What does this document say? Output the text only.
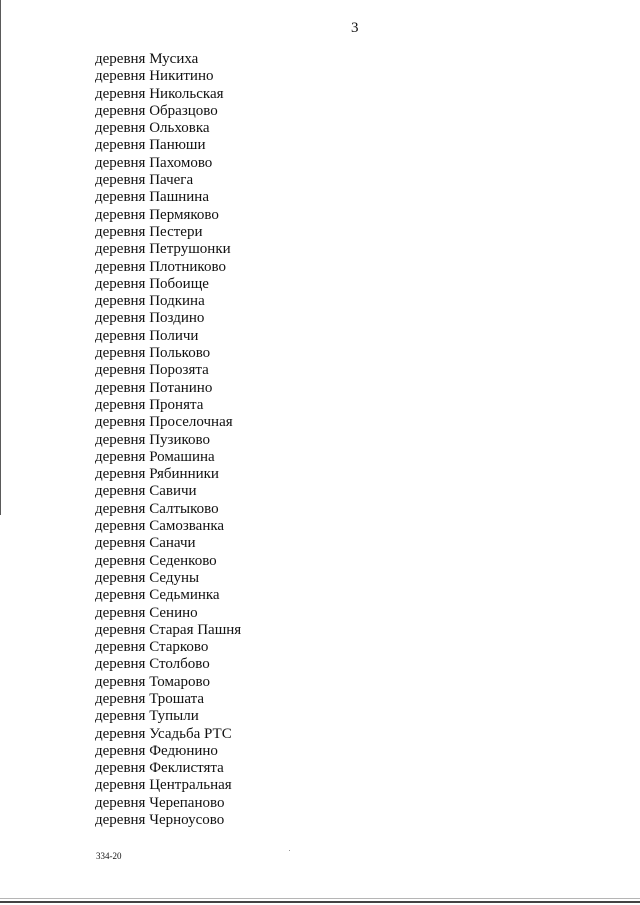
3
деревня Мусиха
деревня Никитино
деревня Никольская
деревня Образцово
деревня Ольховка
деревня Панюши
деревня Пахомово
деревня Пачега
деревня Пашнина
деревня Пермяково
деревня Пестери
деревня Петрушонки
деревня Плотниково
деревня Побоище
деревня Подкина
деревня Поздино
деревня Поличи
деревня Польково
деревня Порозята
деревня Потанино
деревня Пронята
деревня Проселочная
деревня Пузиково
деревня Ромашина
деревня Рябинники
деревня Савичи
деревня Салтыково
деревня Самозванка
деревня Саначи
деревня Седенково
деревня Седуны
деревня Седьминка
деревня Сенино
деревня Старая Пашня
деревня Старково
деревня Столбово
деревня Томарово
деревня Трошата
деревня Тупыли
деревня Усадьба РТС
деревня Федюнино
деревня Феклистята
деревня Центральная
деревня Черепаново
деревня Черноусово
334-20
